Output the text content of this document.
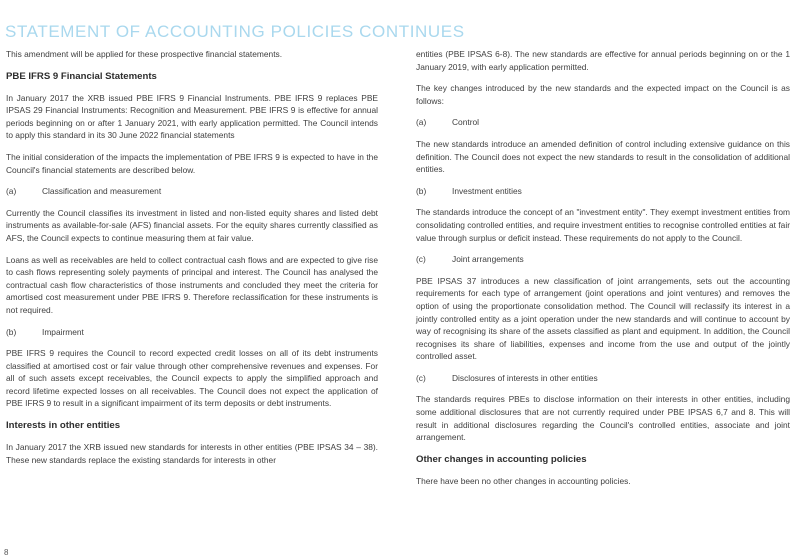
STATEMENT OF ACCOUNTING POLICIES CONTINUES

This amendment will be applied for these prospective financial statements.

PBE IFRS 9 Financial Statements

In January 2017 the XRB issued PBE IFRS 9 Financial Instruments. PBE IFRS 9 replaces PBE IPSAS 29 Financial Instruments: Recognition and Measurement. PBE IFRS 9 is effective for annual periods beginning on or after 1 January 2021, with early application permitted. The Council intends to apply this standard in its 30 June 2022 financial statements

The initial consideration of the impacts the implementation of PBE IFRS 9 is expected to have in the Council's financial statements are described below.

(a)	Classification and measurement

Currently the Council classifies its investment in listed and non-listed equity shares and listed debt instruments as available-for-sale (AFS) financial assets. For the equity shares currently classified as AFS, the Council expects to continue measuring them at fair value.

Loans as well as receivables are held to collect contractual cash flows and are expected to give rise to cash flows representing solely payments of principal and interest. The Council has analysed the contractual cash flow characteristics of those instruments and concluded they meet the criteria for amortised cost measurement under PBE IFRS 9. Therefore reclassification for these instruments is not required.

(b)	Impairment

PBE IFRS 9 requires the Council to record expected credit losses on all of its debt instruments classified at amortised cost or fair value through other comprehensive revenues and expenses. For all of such assets except receivables, the Council expects to apply the simplified approach and record lifetime expected losses on all receivables. The Council does not expect the application of PBE IFRS 9 to result in a significant impairment of its term deposits or debt instruments.

Interests in other entities

In January 2017 the XRB issued new standards for interests in other entities (PBE IPSAS 34 – 38). These new standards replace the existing standards for interests in other

entities (PBE IPSAS 6-8). The new standards are effective for annual periods beginning on or the 1 January 2019, with early application permitted.

The key changes introduced by the new standards and the expected impact on the Council is as follows:

(a)	Control

The new standards introduce an amended definition of control including extensive guidance on this definition. The Council does not expect the new standards to result in the consolidation of additional entities.

(b)	Investment entities

The standards introduce the concept of an "investment entity". They exempt investment entities from consolidating controlled entities, and require investment entities to recognise controlled entities at fair value through surplus or deficit instead. These requirements do not apply to the Council.

(c)	Joint arrangements

PBE IPSAS 37 introduces a new classification of joint arrangements, sets out the accounting requirements for each type of arrangement (joint operations and joint ventures) and removes the option of using the proportionate consolidation method. The Council will reclassify its interest in a jointly controlled entity as a joint operation under the new standards and will continue to account by way of recognising its share of the assets classified as plant and equipment. In addition, the Council recognises its share of liabilities, expenses and income from the use and output of the jointly controlled asset.

(c)	Disclosures of interests in other entities

The standards requires PBEs to disclose information on their interests in other entities, including some additional disclosures that are not currently required under PBE IPSAS 6,7 and 8. This will result in additional disclosures regarding the Council's controlled entities, associate and joint arrangement.

Other changes in accounting policies

There have been no other changes in accounting policies.

8
